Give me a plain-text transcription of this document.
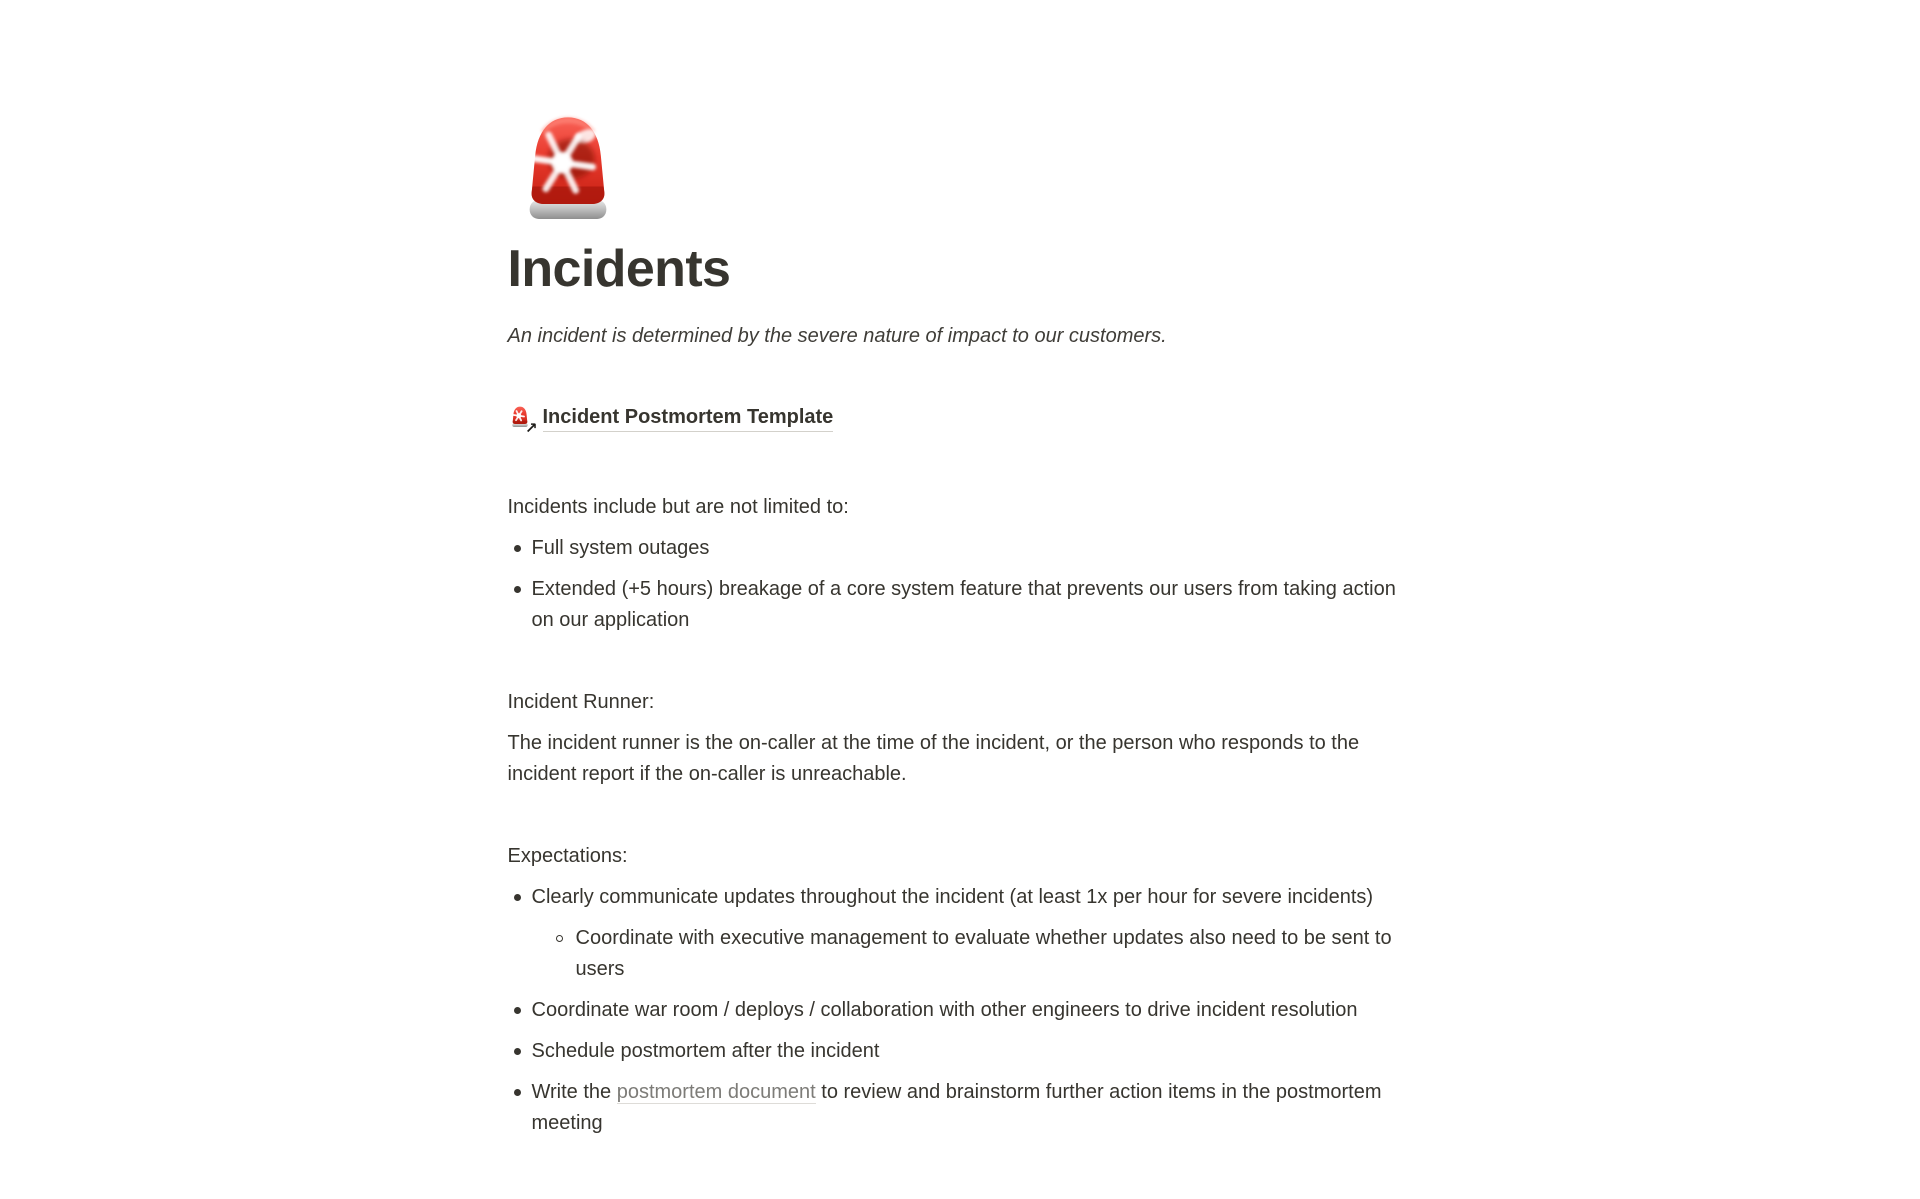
Incidents
An incident is determined by the severe nature of impact to our customers.
↗ Incident Postmortem Template
Incidents include but are not limited to:
Full system outages
Extended (+5 hours) breakage of a core system feature that prevents our users from taking action on our application
Incident Runner:
The incident runner is the on-caller at the time of the incident, or the person who responds to the incident report if the on-caller is unreachable.
Expectations:
Clearly communicate updates throughout the incident (at least 1x per hour for severe incidents)
Coordinate with executive management to evaluate whether updates also need to be sent to users
Coordinate war room / deploys / collaboration with other engineers to drive incident resolution
Schedule postmortem after the incident
Write the postmortem document to review and brainstorm further action items in the postmortem meeting
